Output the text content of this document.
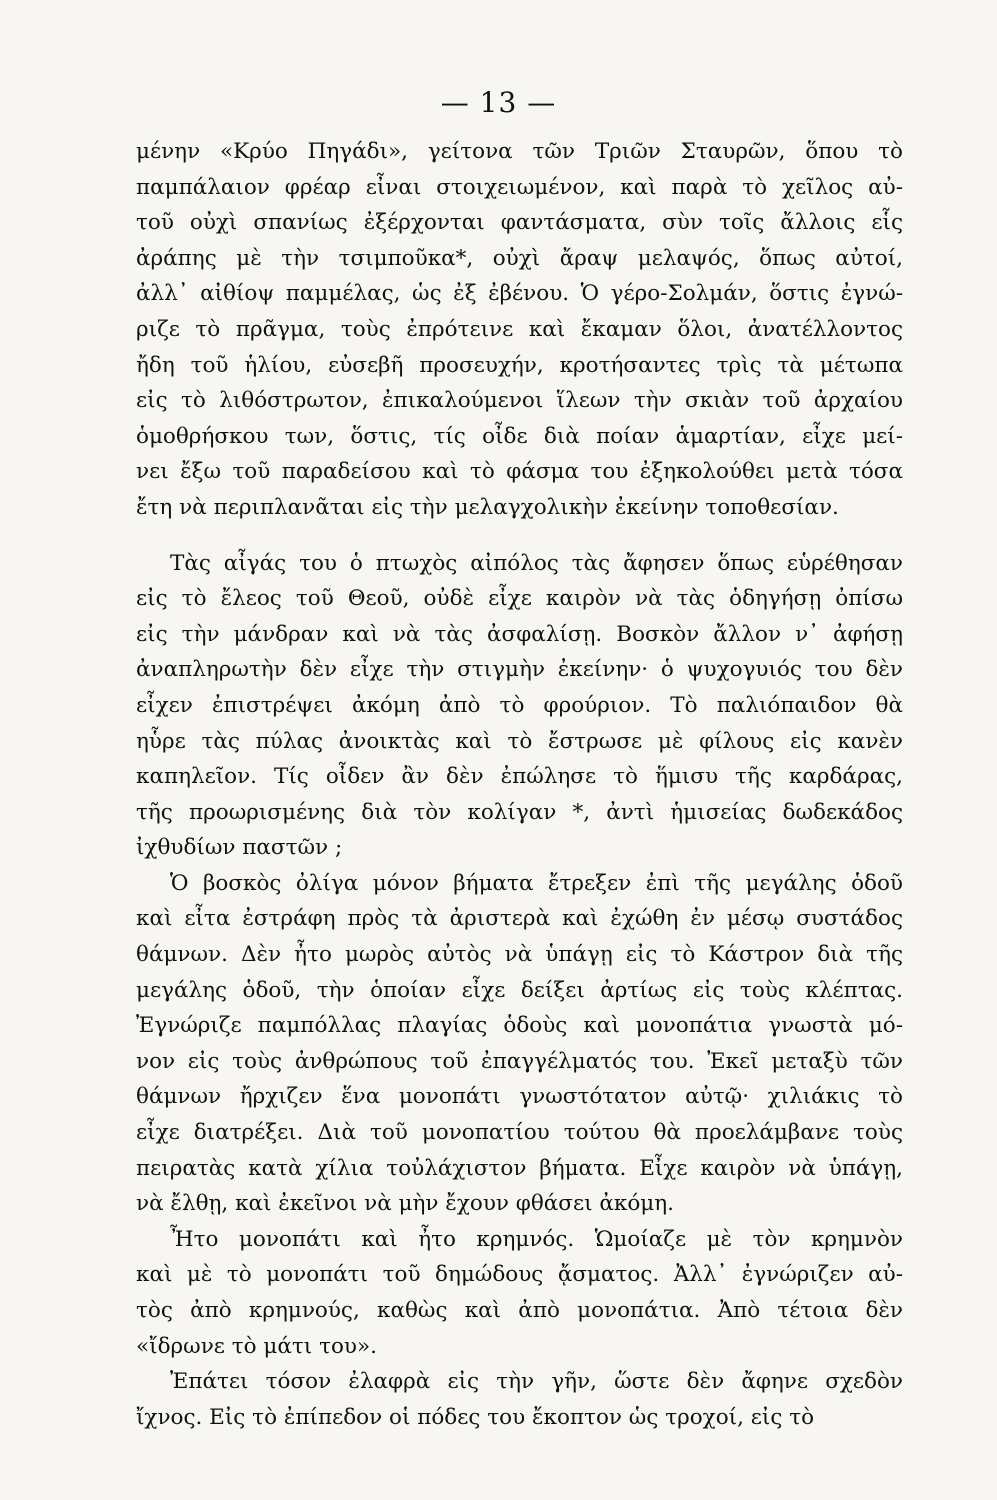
— 13 —
μένην «Κρύο Πηγάδι», γείτονα τῶν Τριῶν Σταυρῶν, ὅπου τὸ
παμπάλαιον φρέαρ εἶναι στοιχειωμένον, καὶ παρὰ τὸ χεῖλος αὐ-
τοῦ οὐχὶ σπανίως ἐξέρχονται φαντάσματα, σὺν τοῖς ἄλλοις εἷς
ἀράπης μὲ τὴν τσιμποῦκα*, οὐχὶ ἄραψ μελαψός, ὅπως αὐτοί,
ἀλλ᾽ αἰθίοψ παμμέλας, ὡς ἐξ ἐβένου. Ὁ γέρο-Σολμάν, ὅστις ἐγνώ-
ριζε τὸ πρᾶγμα, τοὺς ἐπρότεινε καὶ ἔκαμαν ὅλοι, ἀνατέλλοντος
ἤδη τοῦ ἡλίου, εὐσεβῆ προσευχήν, κροτήσαντες τρὶς τὰ μέτωπα
εἰς τὸ λιθόστρωτον, ἐπικαλούμενοι ἵλεων τὴν σκιὰν τοῦ ἀρχαίου
ὁμοθρήσκου των, ὅστις, τίς οἶδε διὰ ποίαν ἁμαρτίαν, εἶχε μεί-
νει ἔξω τοῦ παραδείσου καὶ τὸ φάσμα του ἐξηκολούθει μετὰ τόσα
ἔτη νὰ περιπλανᾶται εἰς τὴν μελαγχολικὴν ἐκείνην τοποθεσίαν.
Τὰς αἶγάς του ὁ πτωχὸς αἰπόλος τὰς ἄφησεν ὅπως εὑρέθησαν
εἰς τὸ ἔλεος τοῦ Θεοῦ, οὐδὲ εἶχε καιρὸν νὰ τὰς ὁδηγήσῃ ὀπίσω
εἰς τὴν μάνδραν καὶ νὰ τὰς ἀσφαλίσῃ. Βοσκὸν ἄλλον ν᾽ ἀφήσῃ
ἀναπληρωτὴν δὲν εἶχε τὴν στιγμὴν ἐκείνην· ὁ ψυχογυιός του δὲν
εἶχεν ἐπιστρέψει ἀκόμη ἀπὸ τὸ φρούριον. Τὸ παλιόπαιδον θὰ
ηὗρε τὰς πύλας ἀνοικτὰς καὶ τὸ ἔστρωσε μὲ φίλους εἰς κανὲν
καπηλεῖον. Τίς οἶδεν ἂν δὲν ἐπώλησε τὸ ἥμισυ τῆς καρδάρας,
τῆς προωρισμένης διὰ τὸν κολίγαν *, ἀντὶ ἡμισείας δωδεκάδος
ἰχθυδίων παστῶν ;
Ὁ βοσκὸς ὀλίγα μόνον βήματα ἔτρεξεν ἐπὶ τῆς μεγάλης ὁδοῦ
καὶ εἶτα ἐστράφη πρὸς τὰ ἀριστερὰ καὶ ἐχώθη ἐν μέσῳ συστάδος
θάμνων. Δὲν ἦτο μωρὸς αὐτὸς νὰ ὑπάγῃ εἰς τὸ Κάστρον διὰ τῆς
μεγάλης ὁδοῦ, τὴν ὁποίαν εἶχε δείξει ἀρτίως εἰς τοὺς κλέπτας.
Ἐγνώριζε παμπόλλας πλαγίας ὁδοὺς καὶ μονοπάτια γνωστὰ μό-
νον εἰς τοὺς ἀνθρώπους τοῦ ἐπαγγέλματός του. Ἐκεῖ μεταξὺ τῶν
θάμνων ἤρχιζεν ἕνα μονοπάτι γνωστότατον αὐτῷ· χιλιάκις τὸ
εἶχε διατρέξει. Διὰ τοῦ μονοπατίου τούτου θὰ προελάμβανε τοὺς
πειρατὰς κατὰ χίλια τοὐλάχιστον βήματα. Εἶχε καιρὸν νὰ ὑπάγῃ,
νὰ ἔλθῃ, καὶ ἐκεῖνοι νὰ μὴν ἔχουν φθάσει ἀκόμη.
Ἦτο μονοπάτι καὶ ἦτο κρημνός. Ὡμοίαζε μὲ τὸν κρημνὸν
καὶ μὲ τὸ μονοπάτι τοῦ δημώδους ᾄσματος. Ἀλλ᾽ ἐγνώριζεν αὐ-
τὸς ἀπὸ κρημνούς, καθὼς καὶ ἀπὸ μονοπάτια. Ἀπὸ τέτοια δὲν
«ἴδρωνε τὸ μάτι του».
Ἐπάτει τόσον ἐλαφρὰ εἰς τὴν γῆν, ὥστε δὲν ἄφηνε σχεδὸν
ἴχνος. Εἰς τὸ ἐπίπεδον οἱ πόδες του ἔκοπτον ὡς τροχοί, εἰς τὸ
